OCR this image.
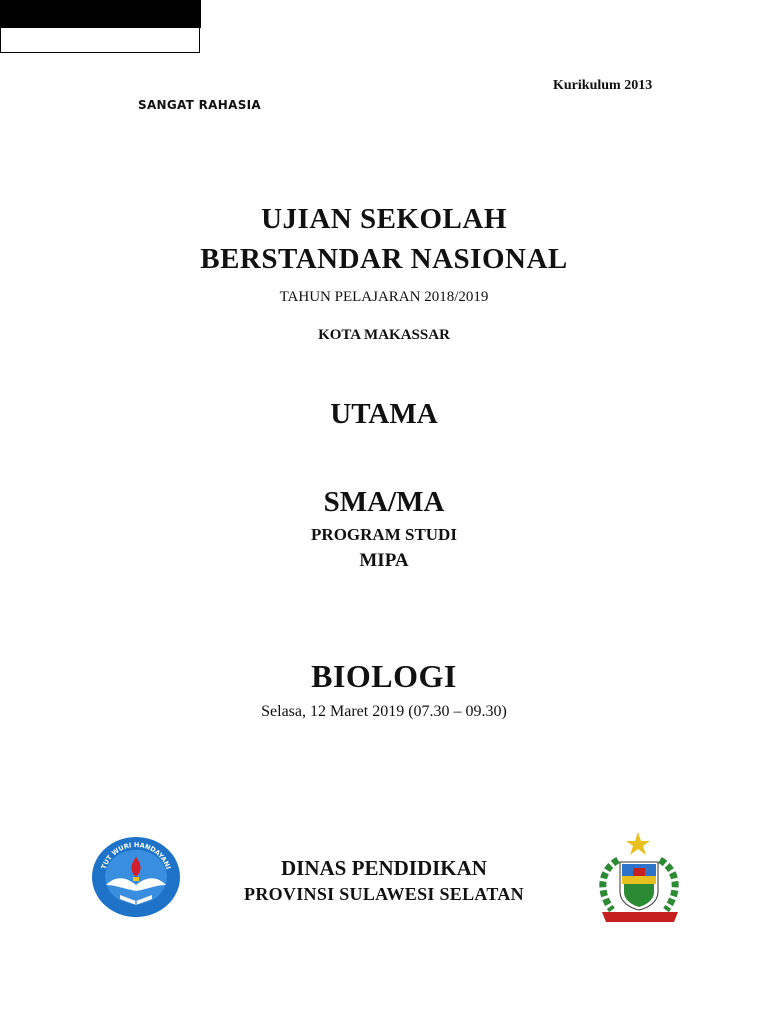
Kurikulum 2013
SANGAT RAHASIA
UJIAN SEKOLAH
BERSTANDAR NASIONAL
TAHUN PELAJARAN 2018/2019
KOTA MAKASSAR
UTAMA
SMA/MA
PROGRAM STUDI
MIPA
BIOLOGI
Selasa, 12 Maret 2019 (07.30 – 09.30)
DINAS PENDIDIKAN
PROVINSI SULAWESI SELATAN
TUT WURI HANDAYANI
